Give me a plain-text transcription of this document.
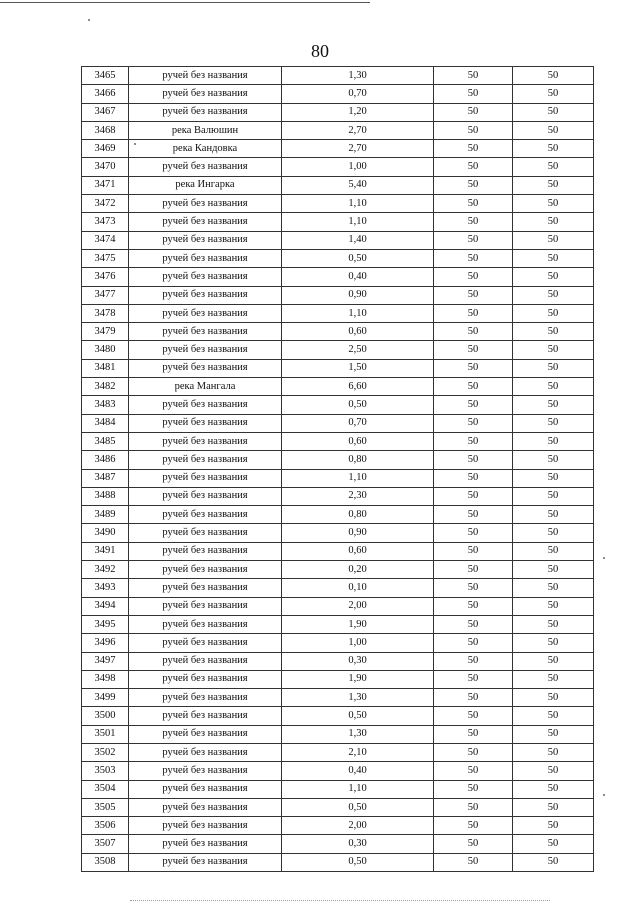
80
3465	ручей без названия	1,30	50	50
3466	ручей без названия	0,70	50	50
3467	ручей без названия	1,20	50	50
3468	река Валюшин	2,70	50	50
3469	река Кандовка	2,70	50	50
3470	ручей без названия	1,00	50	50
3471	река Ингарка	5,40	50	50
3472	ручей без названия	1,10	50	50
3473	ручей без названия	1,10	50	50
3474	ручей без названия	1,40	50	50
3475	ручей без названия	0,50	50	50
3476	ручей без названия	0,40	50	50
3477	ручей без названия	0,90	50	50
3478	ручей без названия	1,10	50	50
3479	ручей без названия	0,60	50	50
3480	ручей без названия	2,50	50	50
3481	ручей без названия	1,50	50	50
3482	река Мангала	6,60	50	50
3483	ручей без названия	0,50	50	50
3484	ручей без названия	0,70	50	50
3485	ручей без названия	0,60	50	50
3486	ручей без названия	0,80	50	50
3487	ручей без названия	1,10	50	50
3488	ручей без названия	2,30	50	50
3489	ручей без названия	0,80	50	50
3490	ручей без названия	0,90	50	50
3491	ручей без названия	0,60	50	50
3492	ручей без названия	0,20	50	50
3493	ручей без названия	0,10	50	50
3494	ручей без названия	2,00	50	50
3495	ручей без названия	1,90	50	50
3496	ручей без названия	1,00	50	50
3497	ручей без названия	0,30	50	50
3498	ручей без названия	1,90	50	50
3499	ручей без названия	1,30	50	50
3500	ручей без названия	0,50	50	50
3501	ручей без названия	1,30	50	50
3502	ручей без названия	2,10	50	50
3503	ручей без названия	0,40	50	50
3504	ручей без названия	1,10	50	50
3505	ручей без названия	0,50	50	50
3506	ручей без названия	2,00	50	50
3507	ручей без названия	0,30	50	50
3508	ручей без названия	0,50	50	50
